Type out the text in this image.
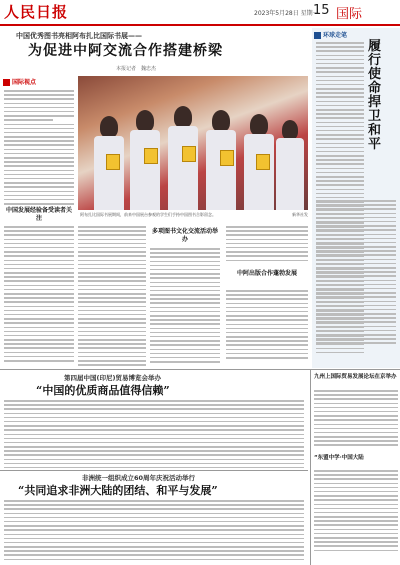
人民日报	2023年5月28日 星期一
15 国际
中国优秀图书亮相阿布扎比国际书展——
为促进中阿交流合作搭建桥梁
本报记者　魏忠杰
国际视点
中国发展经验备受读者关注
多项图书文化交流活动举办
中阿出版合作蓬勃发展
阿布扎比国际书展期间，前来中国展台参观的学生们手持中国图书合影留念。	新华社发
环球走笔
履行使命　捍卫和平
第四届中国(印尼)贸易博览会举办
“中国的优质商品值得信赖”
非洲统一组织成立60周年庆祝活动举行
“共同追求非洲大陆的团结、和平与发展”
九州上国际贸易发展论坛在京举办
“东盟中学·中国大陆
